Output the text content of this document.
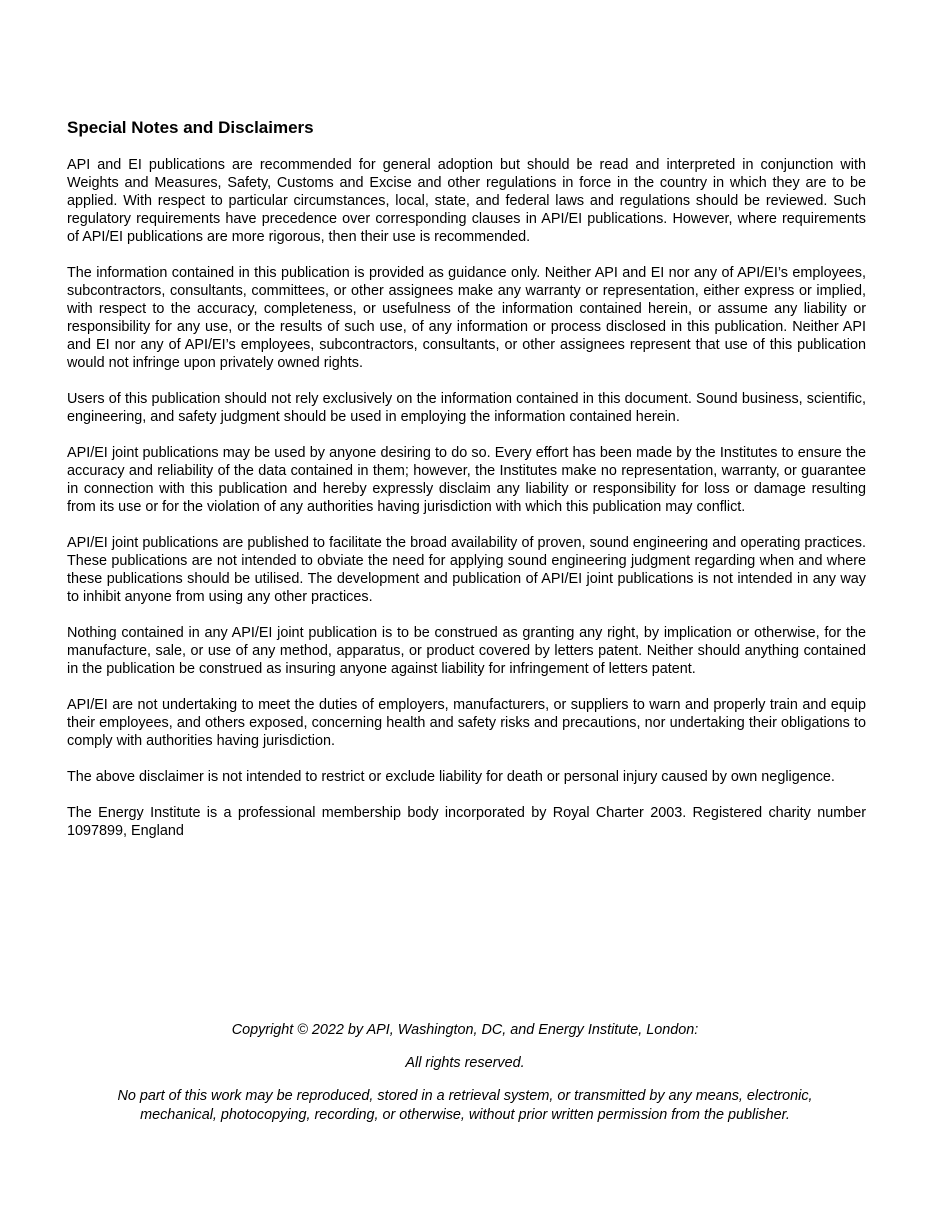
Special Notes and Disclaimers

API and EI publications are recommended for general adoption but should be read and interpreted in conjunction with Weights and Measures, Safety, Customs and Excise and other regulations in force in the country in which they are to be applied. With respect to particular circumstances, local, state, and federal laws and regulations should be reviewed. Such regulatory requirements have precedence over corresponding clauses in API/EI publications. However, where requirements of API/EI publications are more rigorous, then their use is recommended.

The information contained in this publication is provided as guidance only. Neither API and EI nor any of API/EI’s employees, subcontractors, consultants, committees, or other assignees make any warranty or representation, either express or implied, with respect to the accuracy, completeness, or usefulness of the information contained herein, or assume any liability or responsibility for any use, or the results of such use, of any information or process disclosed in this publication. Neither API and EI nor any of API/EI’s employees, subcontractors, consultants, or other assignees represent that use of this publication would not infringe upon privately owned rights.

Users of this publication should not rely exclusively on the information contained in this document. Sound business, scientific, engineering, and safety judgment should be used in employing the information contained herein.

API/EI joint publications may be used by anyone desiring to do so. Every effort has been made by the Institutes to ensure the accuracy and reliability of the data contained in them; however, the Institutes make no representation, warranty, or guarantee in connection with this publication and hereby expressly disclaim any liability or responsibility for loss or damage resulting from its use or for the violation of any authorities having jurisdiction with which this publication may conflict.

API/EI joint publications are published to facilitate the broad availability of proven, sound engineering and operating practices. These publications are not intended to obviate the need for applying sound engineering judgment regarding when and where these publications should be utilised. The development and publication of API/EI joint publications is not intended in any way to inhibit anyone from using any other practices.

Nothing contained in any API/EI joint publication is to be construed as granting any right, by implication or otherwise, for the manufacture, sale, or use of any method, apparatus, or product covered by letters patent. Neither should anything contained in the publication be construed as insuring anyone against liability for infringement of letters patent.

API/EI are not undertaking to meet the duties of employers, manufacturers, or suppliers to warn and properly train and equip their employees, and others exposed, concerning health and safety risks and precautions, nor undertaking their obligations to comply with authorities having jurisdiction.

The above disclaimer is not intended to restrict or exclude liability for death or personal injury caused by own negligence.

The Energy Institute is a professional membership body incorporated by Royal Charter 2003. Registered charity number 1097899, England

Copyright © 2022 by API, Washington, DC, and Energy Institute, London:

All rights reserved.

No part of this work may be reproduced, stored in a retrieval system, or transmitted by any means, electronic, mechanical, photocopying, recording, or otherwise, without prior written permission from the publisher.
